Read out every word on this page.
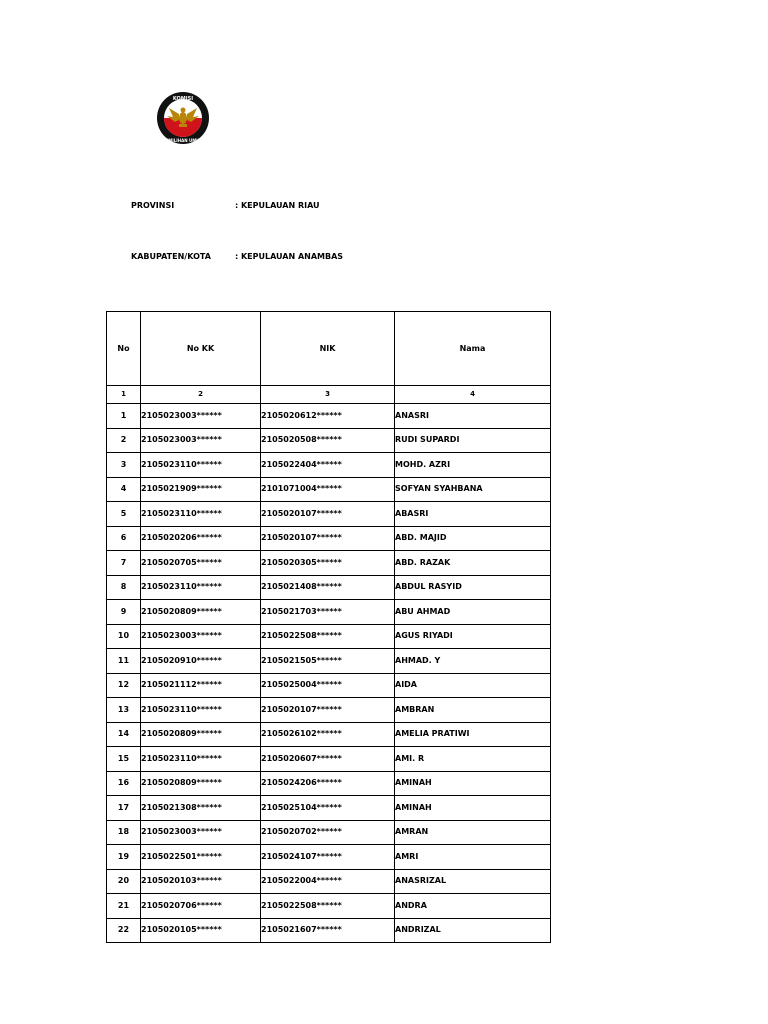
KOMISI
PEMILIHAN UMUM
PROVINSI	: KEPULAUAN RIAU
KABUPATEN/KOTA	: KEPULAUAN ANAMBAS
No	No KK	NIK	Nama
1	2	3	4
1	2105023003******	2105020612******	ANASRI
2	2105023003******	2105020508******	RUDI SUPARDI
3	2105023110******	2105022404******	MOHD. AZRI
4	2105021909******	2101071004******	SOFYAN SYAHBANA
5	2105023110******	2105020107******	ABASRI
6	2105020206******	2105020107******	ABD. MAJID
7	2105020705******	2105020305******	ABD. RAZAK
8	2105023110******	2105021408******	ABDUL RASYID
9	2105020809******	2105021703******	ABU AHMAD
10	2105023003******	2105022508******	AGUS RIYADI
11	2105020910******	2105021505******	AHMAD. Y
12	2105021112******	2105025004******	AIDA
13	2105023110******	2105020107******	AMBRAN
14	2105020809******	2105026102******	AMELIA PRATIWI
15	2105023110******	2105020607******	AMI. R
16	2105020809******	2105024206******	AMINAH
17	2105021308******	2105025104******	AMINAH
18	2105023003******	2105020702******	AMRAN
19	2105022501******	2105024107******	AMRI
20	2105020103******	2105022004******	ANASRIZAL
21	2105020706******	2105022508******	ANDRA
22	2105020105******	2105021607******	ANDRIZAL
